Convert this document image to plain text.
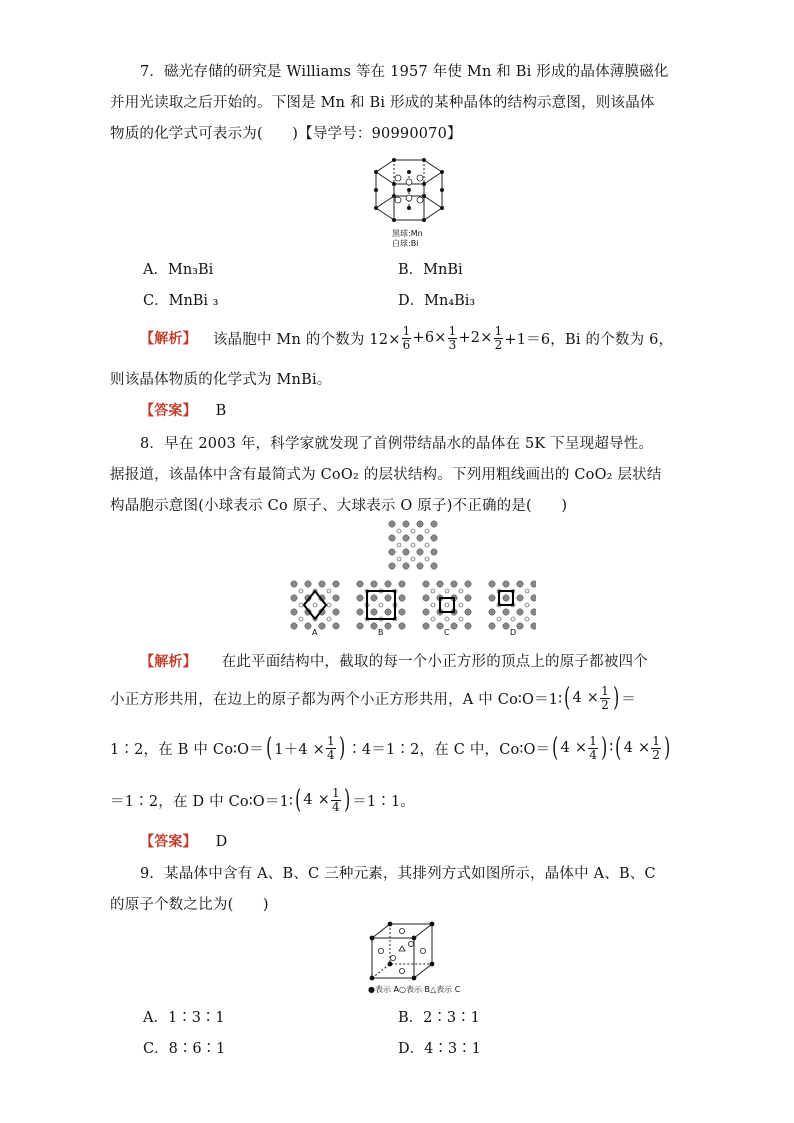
7．磁光存储的研究是 Williams 等在 1957 年使 Mn 和 Bi 形成的晶体薄膜磁化
并用光读取之后开始的。下图是 Mn 和 Bi 形成的某种晶体的结构示意图，则该晶体
物质的化学式可表示为(　　)【导学号：90990070】
黑球:Mn
白球:Bi
A．Mn₃Bi	B．MnBi
C．MnBi ₃	D．Mn₄Bi₃
【解析】 该晶胞中 Mn 的个数为 $12\times \frac{1}{6} +6\times \frac{1}{3} +2\times \frac{1}{2} +1=6$，Bi 的个数为 6，
则该晶体物质的化学式为 MnBi。
【答案】 B
8．早在 2003 年，科学家就发现了首例带结晶水的晶体在 5K 下呈现超导性。
据报道，该晶体中含有最简式为 CoO₂ 的层状结构。下列用粗线画出的 CoO₂ 层状结
构晶胞示意图(小球表示 Co 原子、大球表示 O 原子)不正确的是(　　)
A	B	C	D
【解析】 在此平面结构中，截取的每一个小正方形的顶点上的原子都被四个
小正方形共用，在边上的原子都为两个小正方形共用，A 中 Co∶O＝1∶ ( $4 \times \frac{1}{2}$ ) ＝
1∶2，在 B 中 Co∶O＝ ( $1+4 \times \frac{1}{4}$ ) ∶4＝1∶2，在 C 中，Co∶O＝ ( $4 \times \frac{1}{4}$ ) ∶ ( $4 \times \frac{1}{2}$ )
＝1∶2，在 D 中 Co∶O＝1∶ ( $4 \times \frac{1}{4}$ ) ＝1∶1。
【答案】 D
9．某晶体中含有 A、B、C 三种元素，其排列方式如图所示，晶体中 A、B、C
的原子个数之比为(　　)
●表示 A○表示 B△表示 C
A．1∶3∶1	B．2∶3∶1
C．8∶6∶1	D．4∶3∶1
